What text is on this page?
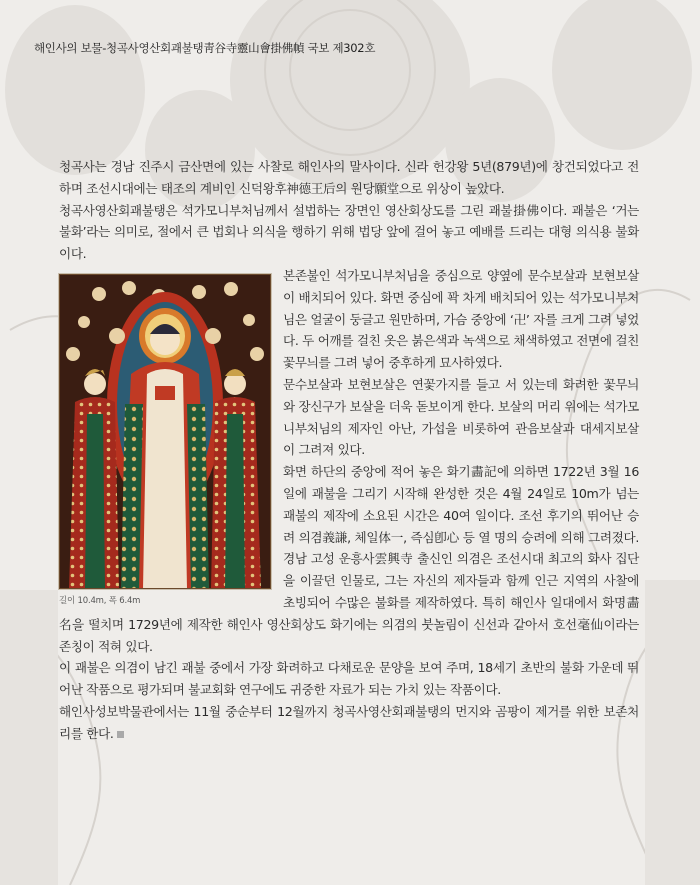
해인사의 보물-청곡사영산회괘불탱靑谷寺靈山會掛佛幀 국보 제302호

청곡사는 경남 진주시 금산면에 있는 사찰로 해인사의 말사이다. 신라 헌강왕 5년(879년)에 창건되었다고 전하며 조선시대에는 태조의 계비인 신덕왕후神德王后의 원당願堂으로 위상이 높았다.

청곡사영산회괘불탱은 석가모니부처님께서 설법하는 장면인 영산회상도를 그린 괘불掛佛이다. 괘불은 ‘거는 불화’라는 의미로, 절에서 큰 법회나 의식을 행하기 위해 법당 앞에 걸어 놓고 예배를 드리는 대형 의식용 불화이다.

길이 10.4m, 폭 6.4m

본존불인 석가모니부처님을 중심으로 양옆에 문수보살과 보현보살이 배치되어 있다. 화면 중심에 꽉 차게 배치되어 있는 석가모니부처님은 얼굴이 둥글고 원만하며, 가슴 중앙에 ‘卍’ 자를 크게 그려 넣었다. 두 어깨를 걸친 옷은 붉은색과 녹색으로 채색하였고 전면에 걸친 꽃무늬를 그려 넣어 중후하게 묘사하였다.

문수보살과 보현보살은 연꽃가지를 들고 서 있는데 화려한 꽃무늬와 장신구가 보살을 더욱 돋보이게 한다. 보살의 머리 위에는 석가모니부처님의 제자인 아난, 가섭을 비롯하여 관음보살과 대세지보살이 그려져 있다.

화면 하단의 중앙에 적어 놓은 화기畵記에 의하면 1722년 3월 16일에 괘불을 그리기 시작해 완성한 것은 4월 24일로 10m가 넘는 괘불의 제작에 소요된 시간은 40여 일이다. 조선 후기의 뛰어난 승려 의겸義謙, 체일体一, 즉심卽心 등 열 명의 승려에 의해 그려졌다. 경남 고성 운흥사雲興寺 출신인 의겸은 조선시대 최고의 화사 집단을 이끌던 인물로, 그는 자신의 제자들과 함께 인근 지역의 사찰에 초빙되어 수많은 불화를 제작하였다. 특히 해인사 일대에서 화명畵名을 떨치며 1729년에 제작한 해인사 영산회상도 화기에는 의겸의 붓놀림이 신선과 같아서 호선毫仙이라는 존칭이 적혀 있다.

이 괘불은 의겸이 남긴 괘불 중에서 가장 화려하고 다채로운 문양을 보여 주며, 18세기 초반의 불화 가운데 뛰어난 작품으로 평가되며 불교회화 연구에도 귀중한 자료가 되는 가치 있는 작품이다.

해인사성보박물관에서는 11월 중순부터 12월까지 청곡사영산회괘불탱의 먼지와 곰팡이 제거를 위한 보존처리를 한다.
